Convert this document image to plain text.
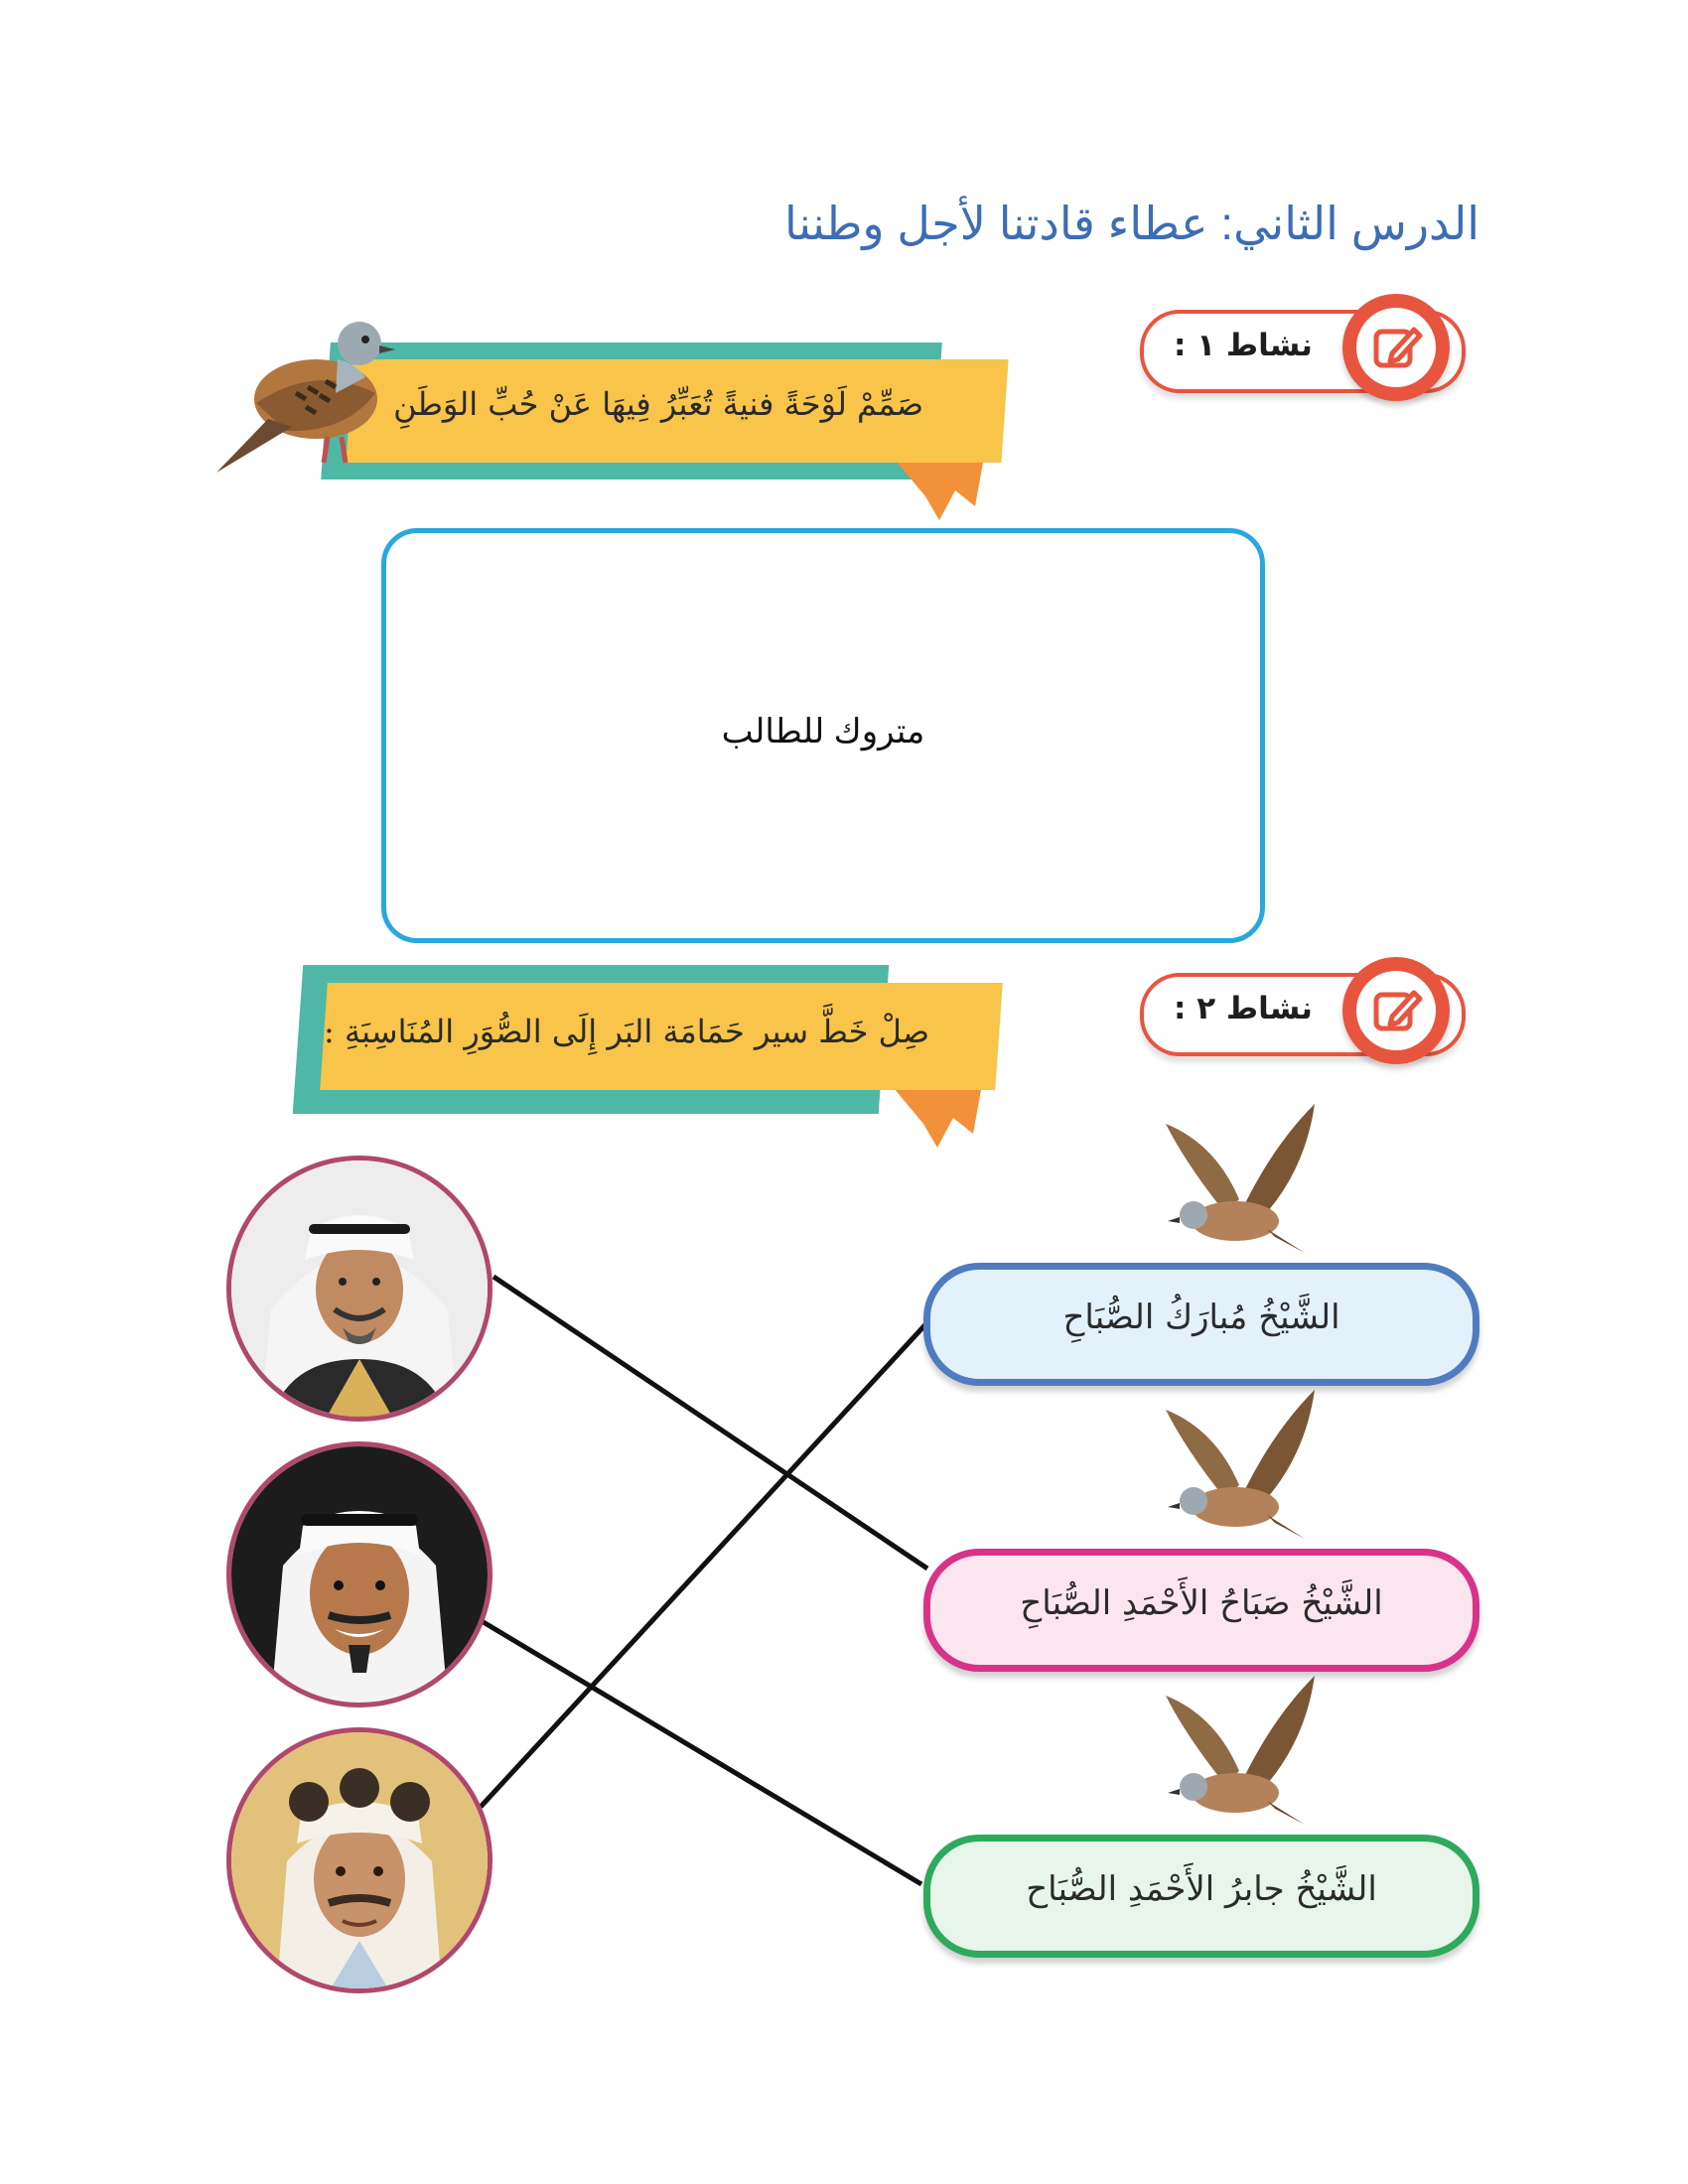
الدرس الثاني: عطاء قادتنا لأجل وطننا
نشاط ١ :
صَمِّمْ لَوْحَةً فنيةً تُعَبِّرُ فِيهَا عَنْ حُبِّ الوَطَنِ
متروك للطالب
نشاط ٢ :
صِلْ خَطَّ سير حَمَامَة البَر إِلَى الصُّوَرِ المُنَاسِبَةِ :
الشَّيْخُ مُبارَكُ الصُّبَاحِ
الشَّيْخُ صَبَاحُ الأَحْمَدِ الصُّبَاحِ
الشَّيْخُ جابرُ الأَحْمَدِ الصُّبَاح
